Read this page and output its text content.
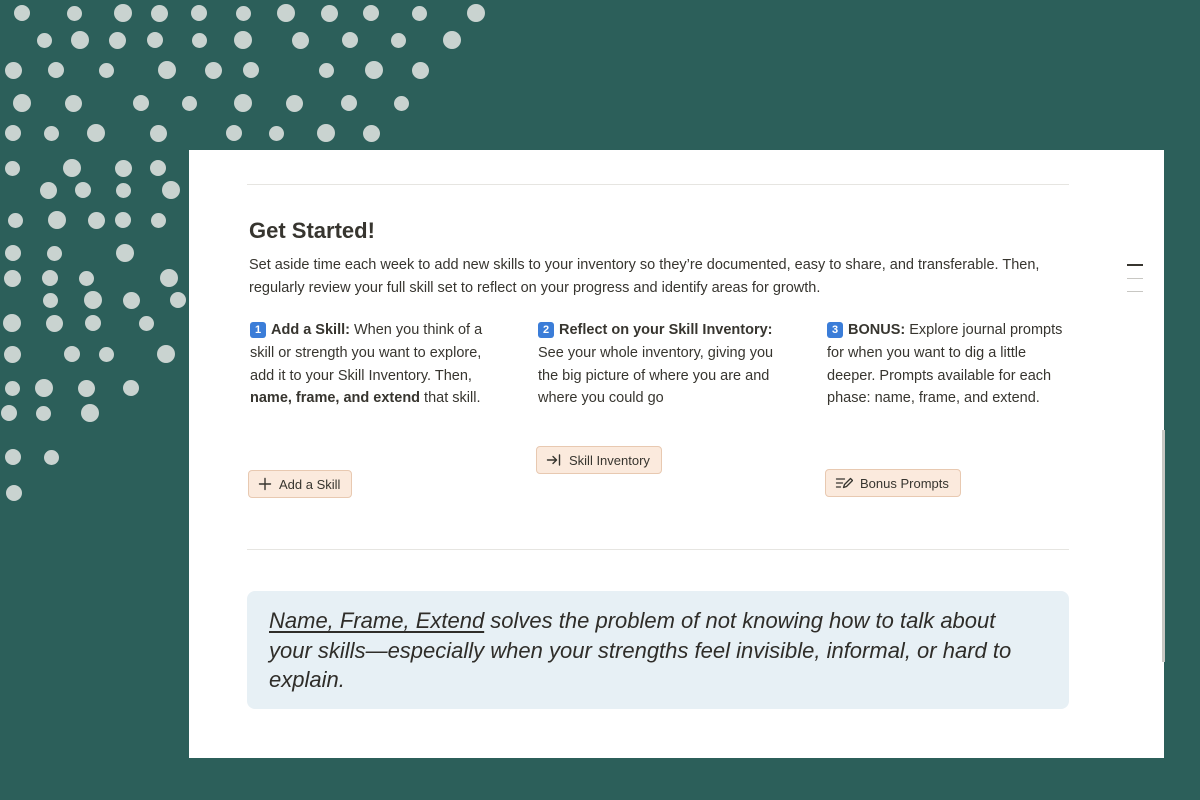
Get Started!
Set aside time each week to add new skills to your inventory so they’re documented, easy to share, and transferable. Then, regularly review your full skill set to reflect on your progress and identify areas for growth.
1 Add a Skill: When you think of a skill or strength you want to explore, add it to your Skill Inventory. Then, name, frame, and extend that skill.
2 Reflect on your Skill Inventory: See your whole inventory, giving you the big picture of where you are and where you could go
3 BONUS: Explore journal prompts for when you want to dig a little deeper. Prompts available for each phase: name, frame, and extend.
Add a Skill
Skill Inventory
Bonus Prompts
Name, Frame, Extend solves the problem of not knowing how to talk about your skills—especially when your strengths feel invisible, informal, or hard to explain.
